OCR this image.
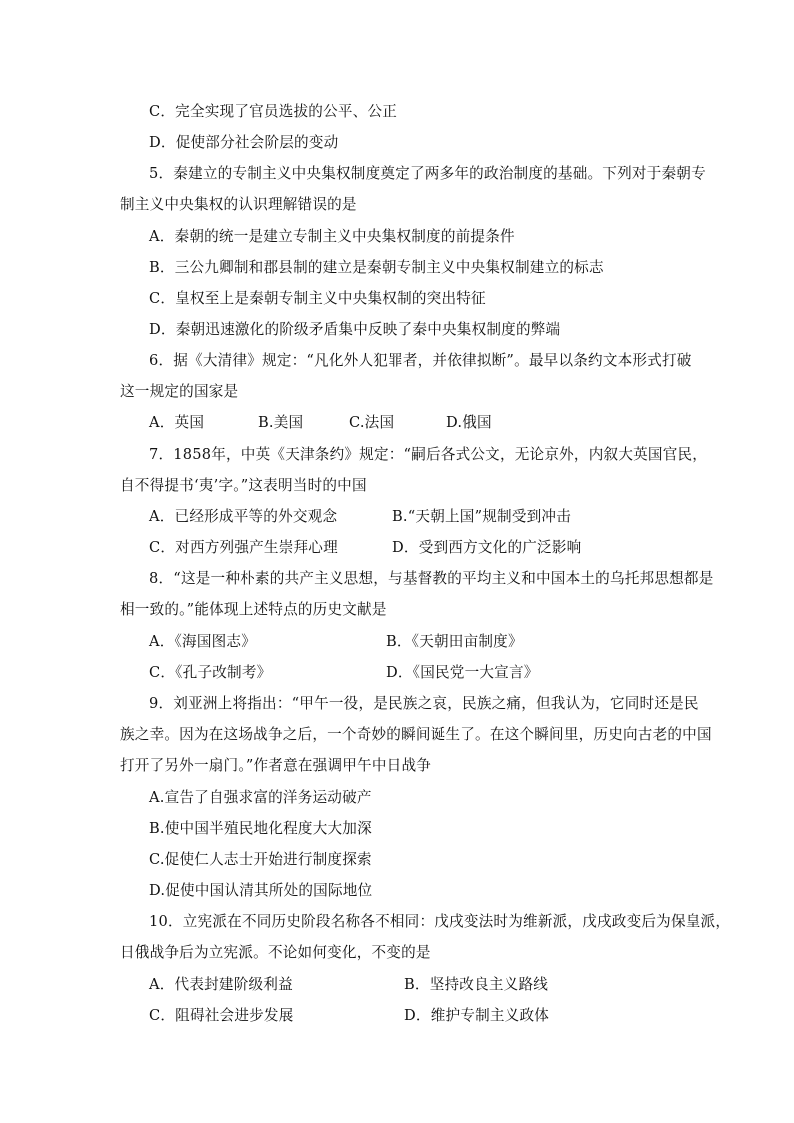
C．完全实现了官员选拔的公平、公正
D．促使部分社会阶层的变动
5．秦建立的专制主义中央集权制度奠定了两多年的政治制度的基础。下列对于秦朝专
制主义中央集权的认识理解错误的是
A．秦朝的统一是建立专制主义中央集权制度的前提条件
B．三公九卿制和郡县制的建立是秦朝专制主义中央集权制建立的标志
C．皇权至上是秦朝专制主义中央集权制的突出特征
D．秦朝迅速激化的阶级矛盾集中反映了秦中央集权制度的弊端
6．据《大清律》规定：“凡化外人犯罪者，并依律拟断”。最早以条约文本形式打破
这一规定的国家是
A．英国	B.美国	C.法国	D.俄国
7．1858年，中英《天津条约》规定：“嗣后各式公文，无论京外，内叙大英国官民，
自不得提书‘夷’字。”这表明当时的中国
A．已经形成平等的外交观念	B.“天朝上国”规制受到冲击
C．对西方列强产生崇拜心理	D．受到西方文化的广泛影响
8．“这是一种朴素的共产主义思想，与基督教的平均主义和中国本土的乌托邦思想都是
相一致的。”能体现上述特点的历史文献是
A．《海国图志》	B．《天朝田亩制度》
C．《孔子改制考》	D．《国民党一大宣言》
9．刘亚洲上将指出：“甲午一役，是民族之哀，民族之痛，但我认为，它同时还是民
族之幸。因为在这场战争之后，一个奇妙的瞬间诞生了。在这个瞬间里，历史向古老的中国
打开了另外一扇门。”作者意在强调甲午中日战争
A.宣告了自强求富的洋务运动破产
B.使中国半殖民地化程度大大加深
C.促使仁人志士开始进行制度探索
D.促使中国认清其所处的国际地位
10．立宪派在不同历史阶段名称各不相同：戊戌变法时为维新派，戊戌政变后为保皇派，
日俄战争后为立宪派。不论如何变化，不变的是
A．代表封建阶级利益	B．坚持改良主义路线
C．阻碍社会进步发展	D．维护专制主义政体
